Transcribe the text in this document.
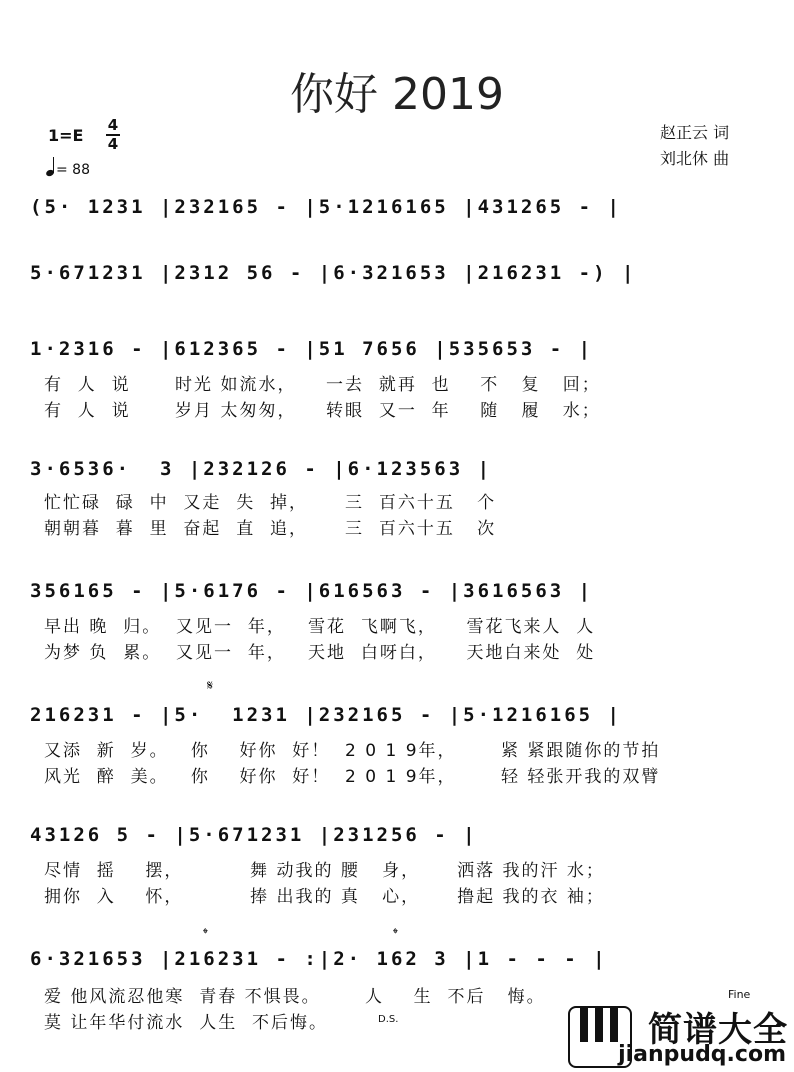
你好 2019
1=E
4
4
= 88
赵正云 词
刘北休 曲
(5· 1231 |232165 - |5·1216165 |431265 - |
5·671231 |2312 56 - |6·321653 |216231 -) |
1·2316 - |612365 - |51 7656 |535653 - |
有  人  说      时光 如流水，    一去  就再  也    不   复   回；
有  人  说      岁月 太匆匆，    转眼  又一  年    随   履   水；
3·6536·  3 |232126 - |6·123563 |
忙忙碌  碌  中  又走  失  掉，     三  百六十五   个
朝朝暮  暮  里  奋起  直  追，     三  百六十五   次
356165 - |5·6176 - |616563 - |3616563 |
早出 晚  归。  又见一  年，   雪花  飞啊飞，    雪花飞来人  人
为梦 负  累。  又见一  年，   天地  白呀白，    天地白来处  处
𝄋
216231 - |5·  1231 |232165 - |5·1216165 |
又添  新  岁。   你    好你  好！  2 0 1 9年，      紧 紧跟随你的节拍
风光  醉  美。   你    好你  好！  2 0 1 9年，      轻 轻张开我的双臂
43126 5 - |5·671231 |231256 - |
尽情  摇    摆，         舞 动我的 腰   身，     洒落 我的汗 水；
拥你  入    怀，         捧 出我的 真   心，     撸起 我的衣 袖；
𝄌	𝄌
6·321653 |216231 - :|2· 162 3 |1 - - - |
爱 他风流忍他寒  青春 不惧畏。      人    生  不后   悔。
莫 让年华付流水  人生  不后悔。
Fine
D.S.	简谱大全
jianpudq.com
